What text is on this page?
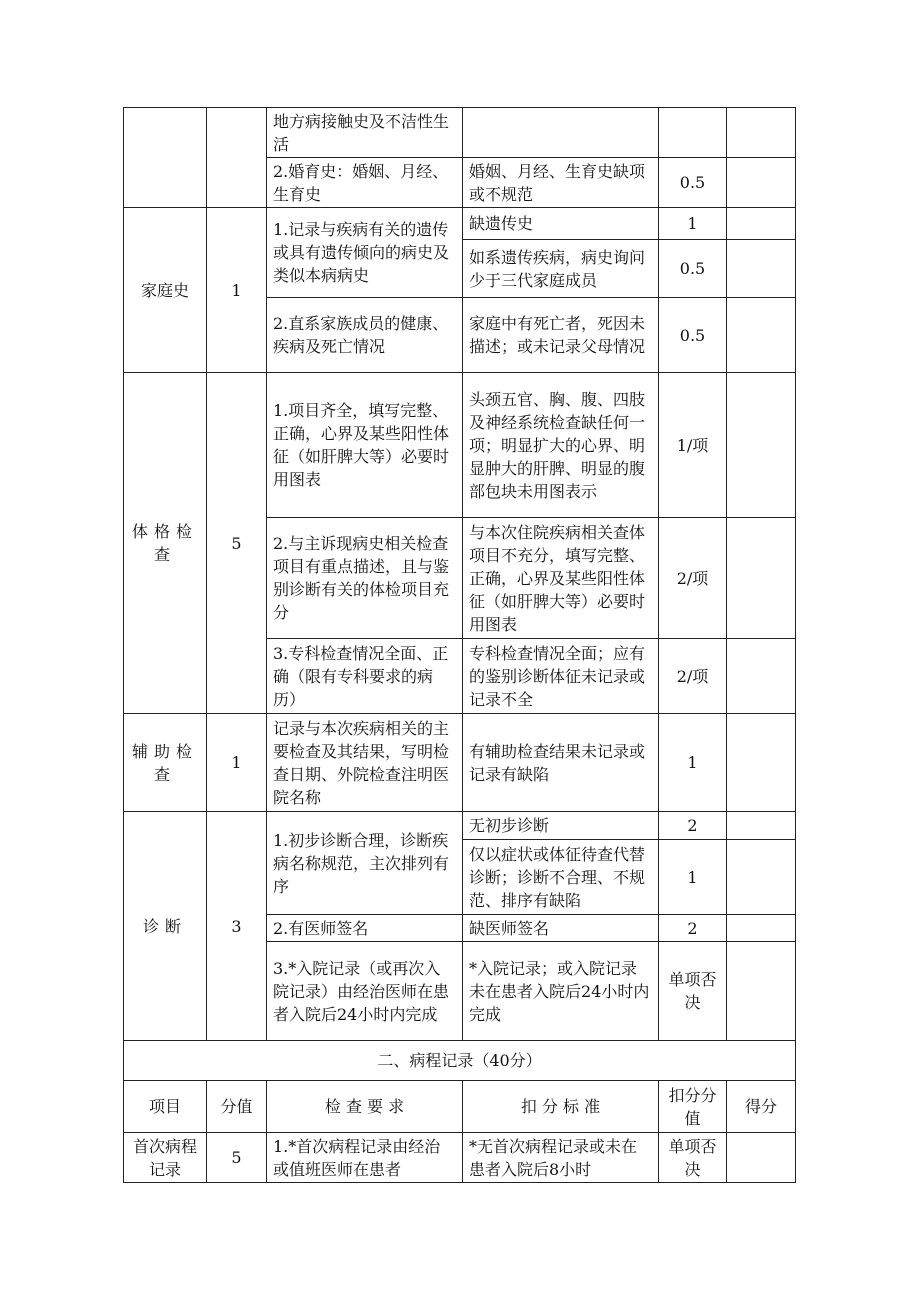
		地方病接触史及不洁性生活			
		2.婚育史：婚姻、月经、生育史	婚姻、月经、生育史缺项或不规范	0.5	
家庭史	1	1.记录与疾病有关的遗传或具有遗传倾向的病史及类似本病病史	缺遗传史	1	
			如系遗传疾病，病史询问少于三代家庭成员	0.5	
		2.直系家族成员的健康、疾病及死亡情况	家庭中有死亡者，死因未描述；或未记录父母情况	0.5	
体格检查	5	1.项目齐全，填写完整、正确，心界及某些阳性体征（如肝脾大等）必要时用图表	头颈五官、胸、腹、四肢及神经系统检查缺任何一项；明显扩大的心界、明显肿大的肝脾、明显的腹部包块未用图表示	1/项	
		2.与主诉现病史相关检查项目有重点描述，且与鉴别诊断有关的体检项目充分	与本次住院疾病相关查体项目不充分，填写完整、正确，心界及某些阳性体征（如肝脾大等）必要时用图表	2/项	
		3.专科检查情况全面、正确（限有专科要求的病历）	专科检查情况全面；应有的鉴别诊断体征未记录或记录不全	2/项	
辅助检查	1	记录与本次疾病相关的主要检查及其结果，写明检查日期、外院检查注明医院名称	有辅助检查结果未记录或记录有缺陷	1	
诊断	3	1.初步诊断合理，诊断疾病名称规范，主次排列有序	无初步诊断	2	
			仅以症状或体征待查代替诊断；诊断不合理、不规范、排序有缺陷	1	
		2.有医师签名	缺医师签名	2	
		3.*入院记录（或再次入院记录）由经治医师在患者入院后24小时内完成	*入院记录；或入院记录未在患者入院后24小时内完成	单项否决	
二、病程记录（40分）					
项目	分值	检 查 要 求	扣 分 标 准	扣分分值	得分
首次病程记录	5	1.*首次病程记录由经治或值班医师在患者	*无首次病程记录或未在患者入院后8小时	单项否决	
